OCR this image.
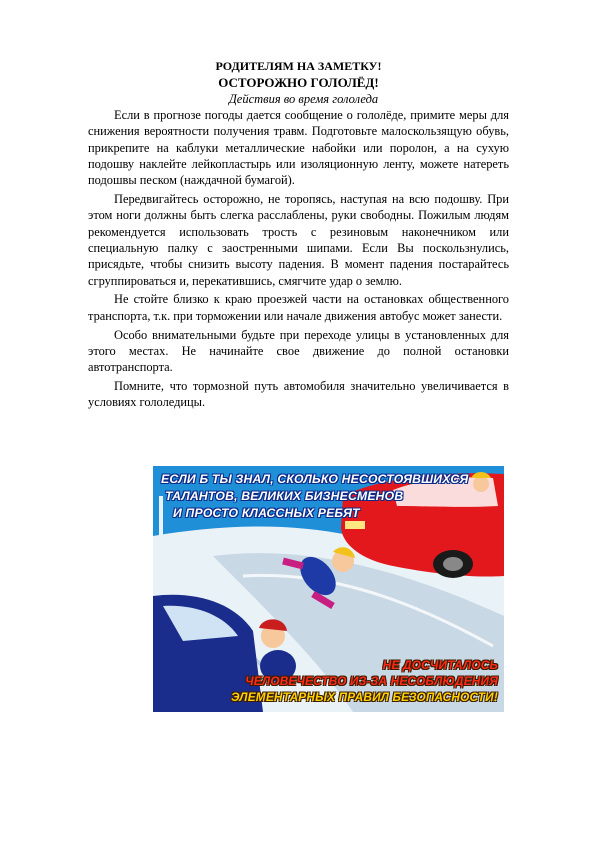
РОДИТЕЛЯМ НА ЗАМЕТКУ!

ОСТОРОЖНО ГОЛОЛЁД!

Действия во время гололеда

Если в прогнозе погоды дается сообщение о гололёде, примите меры для снижения вероятности получения травм. Подготовьте малоскользящую обувь, прикрепите на каблуки металлические набойки или поролон, а на сухую подошву наклейте лейкопластырь или изоляционную ленту, можете натереть подошвы песком (наждачной бумагой).

Передвигайтесь осторожно, не торопясь, наступая на всю подошву. При этом ноги должны быть слегка расслаблены, руки свободны. Пожилым людям рекомендуется использовать трость с резиновым наконечником или специальную палку с заостренными шипами. Если Вы поскользнулись, присядьте, чтобы снизить высоту падения. В момент падения постарайтесь сгруппироваться и, перекатившись, смягчите удар о землю.

Не стойте близко к краю проезжей части на остановках общественного транспорта, т.к. при торможении или начале движения автобус может занести.

Особо внимательными будьте при переходе улицы в установленных для этого местах. Не начинайте свое движение до полной остановки автотранспорта.

Помните, что тормозной путь автомобиля значительно увеличивается в условиях гололедицы.

ЕСЛИ Б ТЫ ЗНАЛ, СКОЛЬКО НЕСОСТОЯВШИХСЯ
ТАЛАНТОВ, ВЕЛИКИХ БИЗНЕСМЕНОВ
И ПРОСТО КЛАССНЫХ РЕБЯТ
НЕ ДОСЧИТАЛОСЬ
ЧЕЛОВЕЧЕСТВО ИЗ-ЗА НЕСОБЛЮДЕНИЯ
ЭЛЕМЕНТАРНЫХ ПРАВИЛ БЕЗОПАСНОСТИ!
